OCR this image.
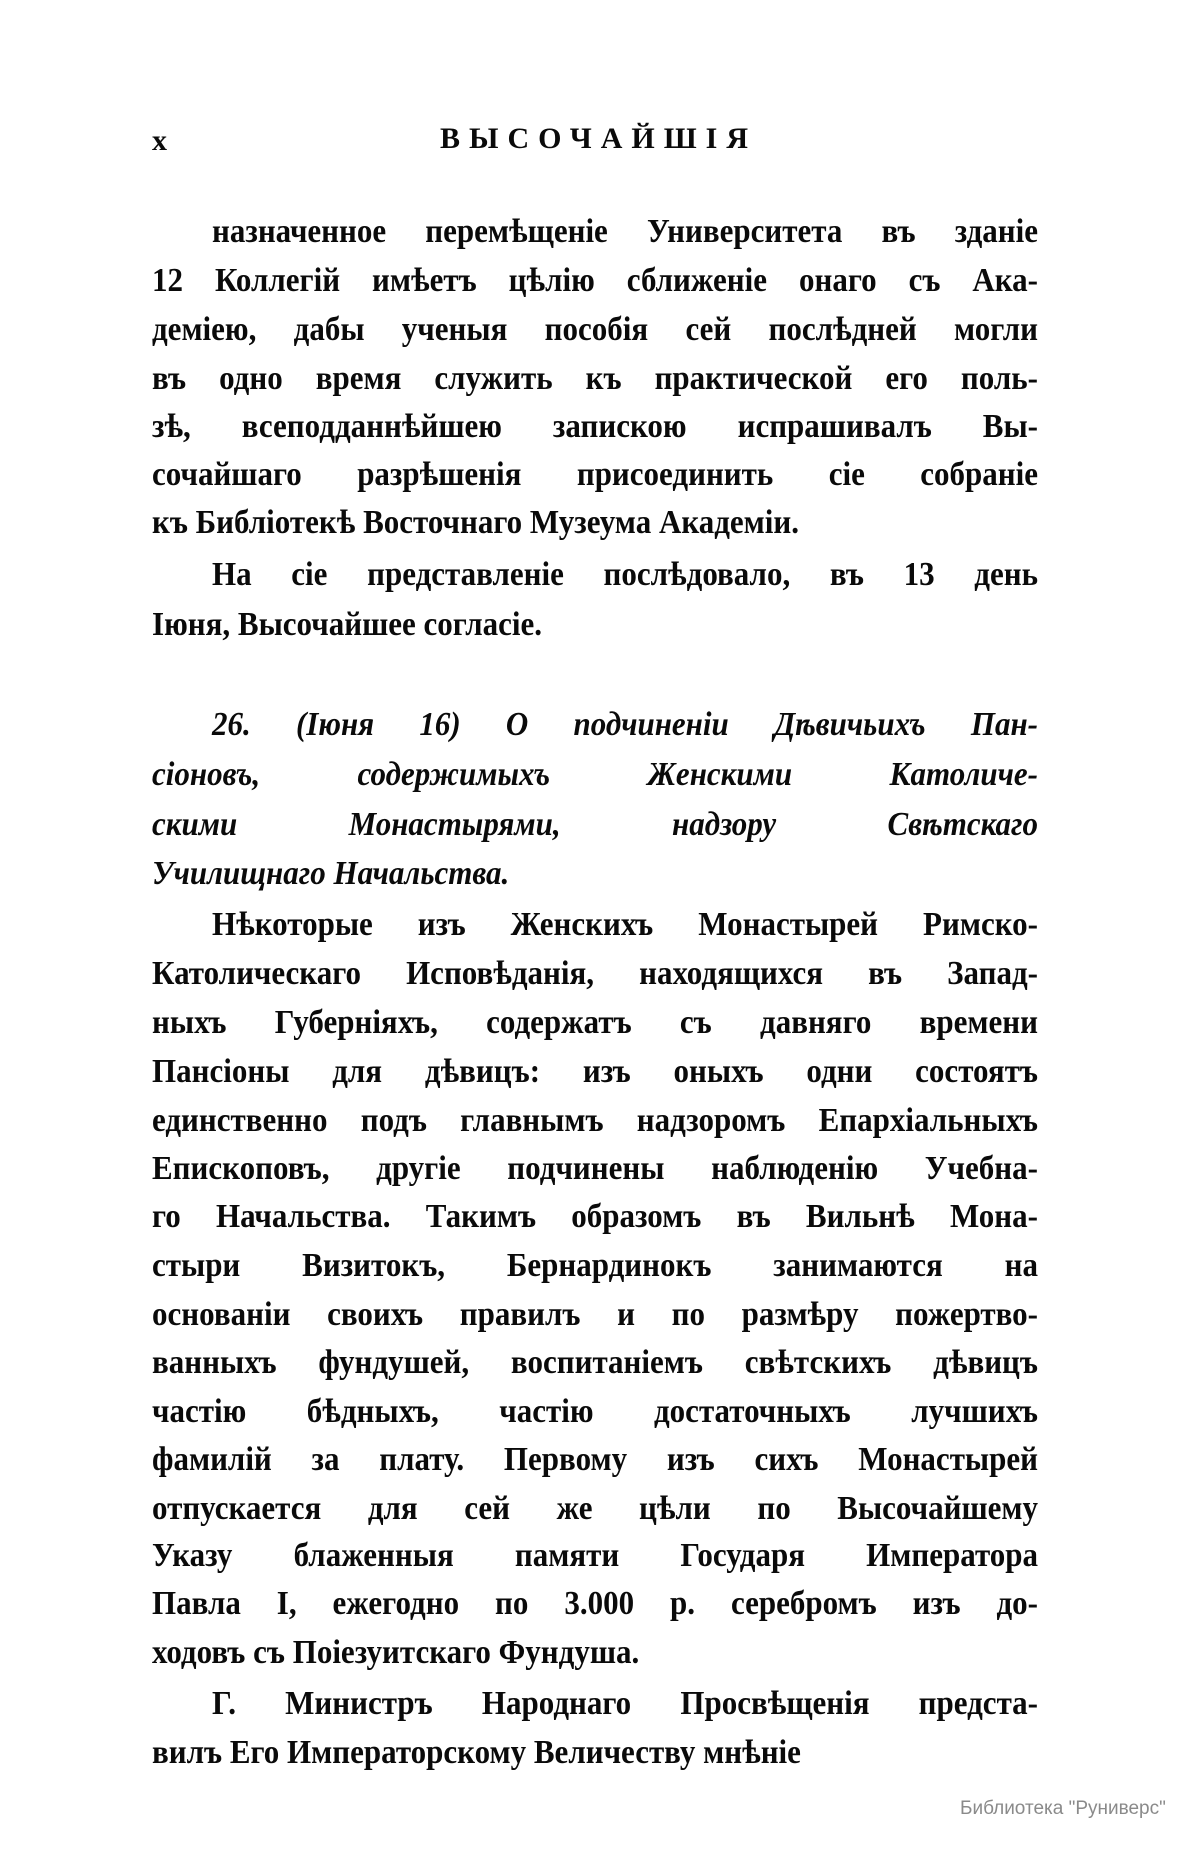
x	ВЫСОЧАЙШІЯ
назначенное перемѣщеніе Университета въ зданіе
12 Коллегій имѣетъ цѣлію сближеніе онаго съ Ака-
деміею, дабы ученыя пособія сей послѣдней могли
въ одно время служить къ практической его поль-
зѣ, всеподданнѣйшею запискою испрашивалъ Вы-
сочайшаго разрѣшенія присоединить сіе собраніе
къ Библіотекѣ Восточнаго Музеума Академіи.
На сіе представленіе послѣдовало, въ 13 день
Іюня, Высочайшее согласіе.
26. (Іюня 16) О подчиненіи Дѣвичьихъ Пан-
сіоновъ, содержимыхъ Женскими Католиче-
скими Монастырями, надзору Свѣтскаго
Училищнаго Начальства.
Нѣкоторые изъ Женскихъ Монастырей Римско-
Католическаго Исповѣданія, находящихся въ Запад-
ныхъ Губерніяхъ, содержатъ съ давняго времени
Пансіоны для дѣвицъ: изъ оныхъ одни состоятъ
единственно подъ главнымъ надзоромъ Епархіальныхъ
Епископовъ, другіе подчинены наблюденію Учебна-
го Начальства. Такимъ образомъ въ Вильнѣ Мона-
стыри Визитокъ, Бернардинокъ занимаются на
основаніи своихъ правилъ и по размѣру пожертво-
ванныхъ фундушей, воспитаніемъ свѣтскихъ дѣвицъ
частію бѣдныхъ, частію достаточныхъ лучшихъ
фамилій за плату. Первому изъ сихъ Монастырей
отпускается для сей же цѣли по Высочайшему
Указу блаженныя памяти Государя Императора
Павла I, ежегодно по 3.000 р. серебромъ изъ до-
ходовъ съ Поіезуитскаго Фундуша.
Г. Министръ Народнаго Просвѣщенія предста-
вилъ Его Императорскому Величеству мнѣніе
Библиотека "Руниверс"
